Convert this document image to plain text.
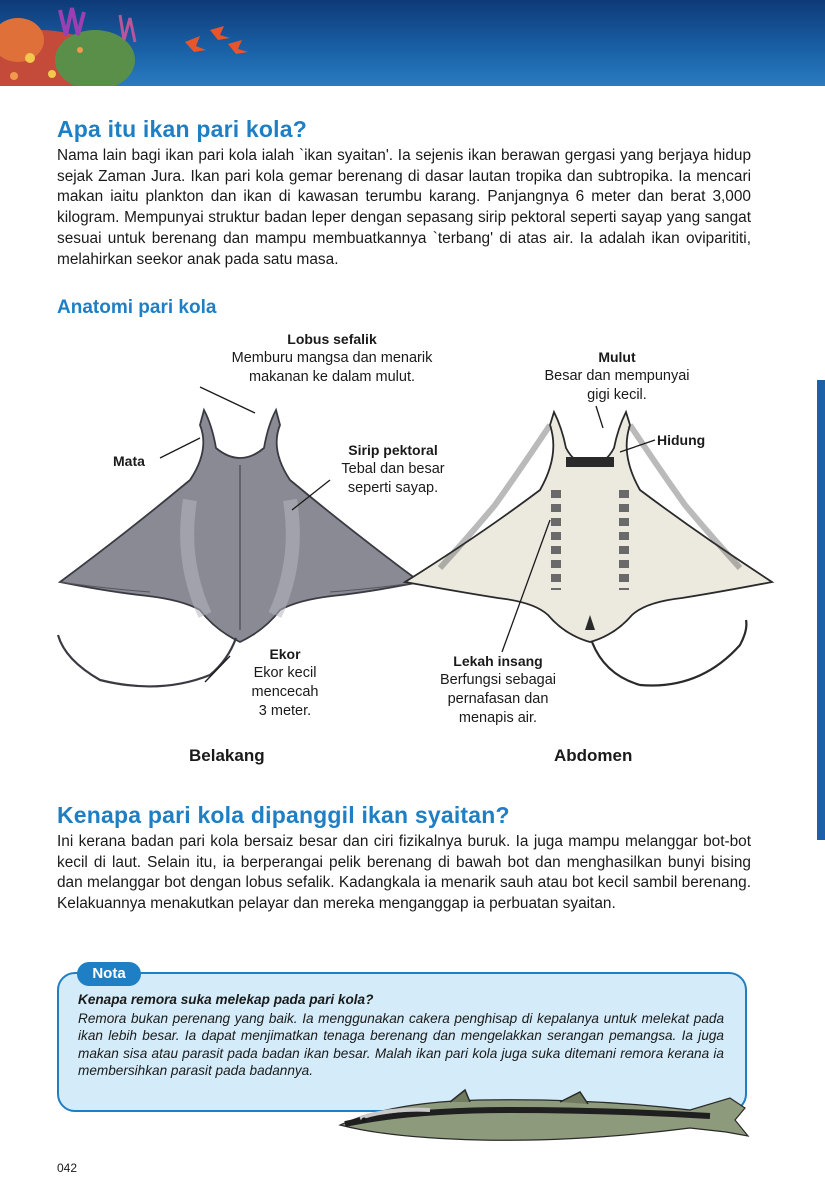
Apa itu ikan pari kola?
Nama lain bagi ikan pari kola ialah `ikan syaitan'. Ia sejenis ikan berawan gergasi yang berjaya hidup sejak Zaman Jura. Ikan pari kola gemar berenang di dasar lautan tropika dan subtropika. Ia mencari makan iaitu plankton dan ikan di kawasan terumbu karang. Panjangnya 6 meter dan berat 3,000 kilogram. Mempunyai struktur badan leper dengan sepasang sirip pektoral seperti sayap yang sangat sesuai untuk berenang dan mampu membuatkannya `terbang' di atas air. Ia adalah ikan oviparititi, melahirkan seekor anak pada satu masa.
Anatomi pari kola
Lobus sefalik
Memburu mangsa dan menarik
makanan ke dalam mulut.
Mata
Sirip pektoral
Tebal dan besar
seperti sayap.
Ekor
Ekor kecil
mencecah
3 meter.
Mulut
Besar dan mempunyai
gigi kecil.
Hidung
Lekah insang
Berfungsi sebagai
pernafasan dan
menapis air.
Belakang	Abdomen
Kenapa pari kola dipanggil ikan syaitan?
Ini kerana badan pari kola bersaiz besar dan ciri fizikalnya buruk. Ia juga mampu melanggar bot-bot kecil di laut. Selain itu, ia berperangai pelik berenang di bawah bot dan menghasilkan bunyi bising dan melanggar bot dengan lobus sefalik. Kadangkala ia menarik sauh atau bot kecil sambil berenang. Kelakuannya menakutkan pelayar dan mereka menganggap ia perbuatan syaitan.
Nota
Kenapa remora suka melekap pada pari kola?
Remora bukan perenang yang baik. Ia menggunakan cakera penghisap di kepalanya untuk melekat pada ikan lebih besar. Ia dapat menjimatkan tenaga berenang dan mengelakkan serangan pemangsa. Ia juga makan sisa atau parasit pada badan ikan besar. Malah ikan pari kola juga suka ditemani remora kerana ia membersihkan parasit pada badannya.
042
